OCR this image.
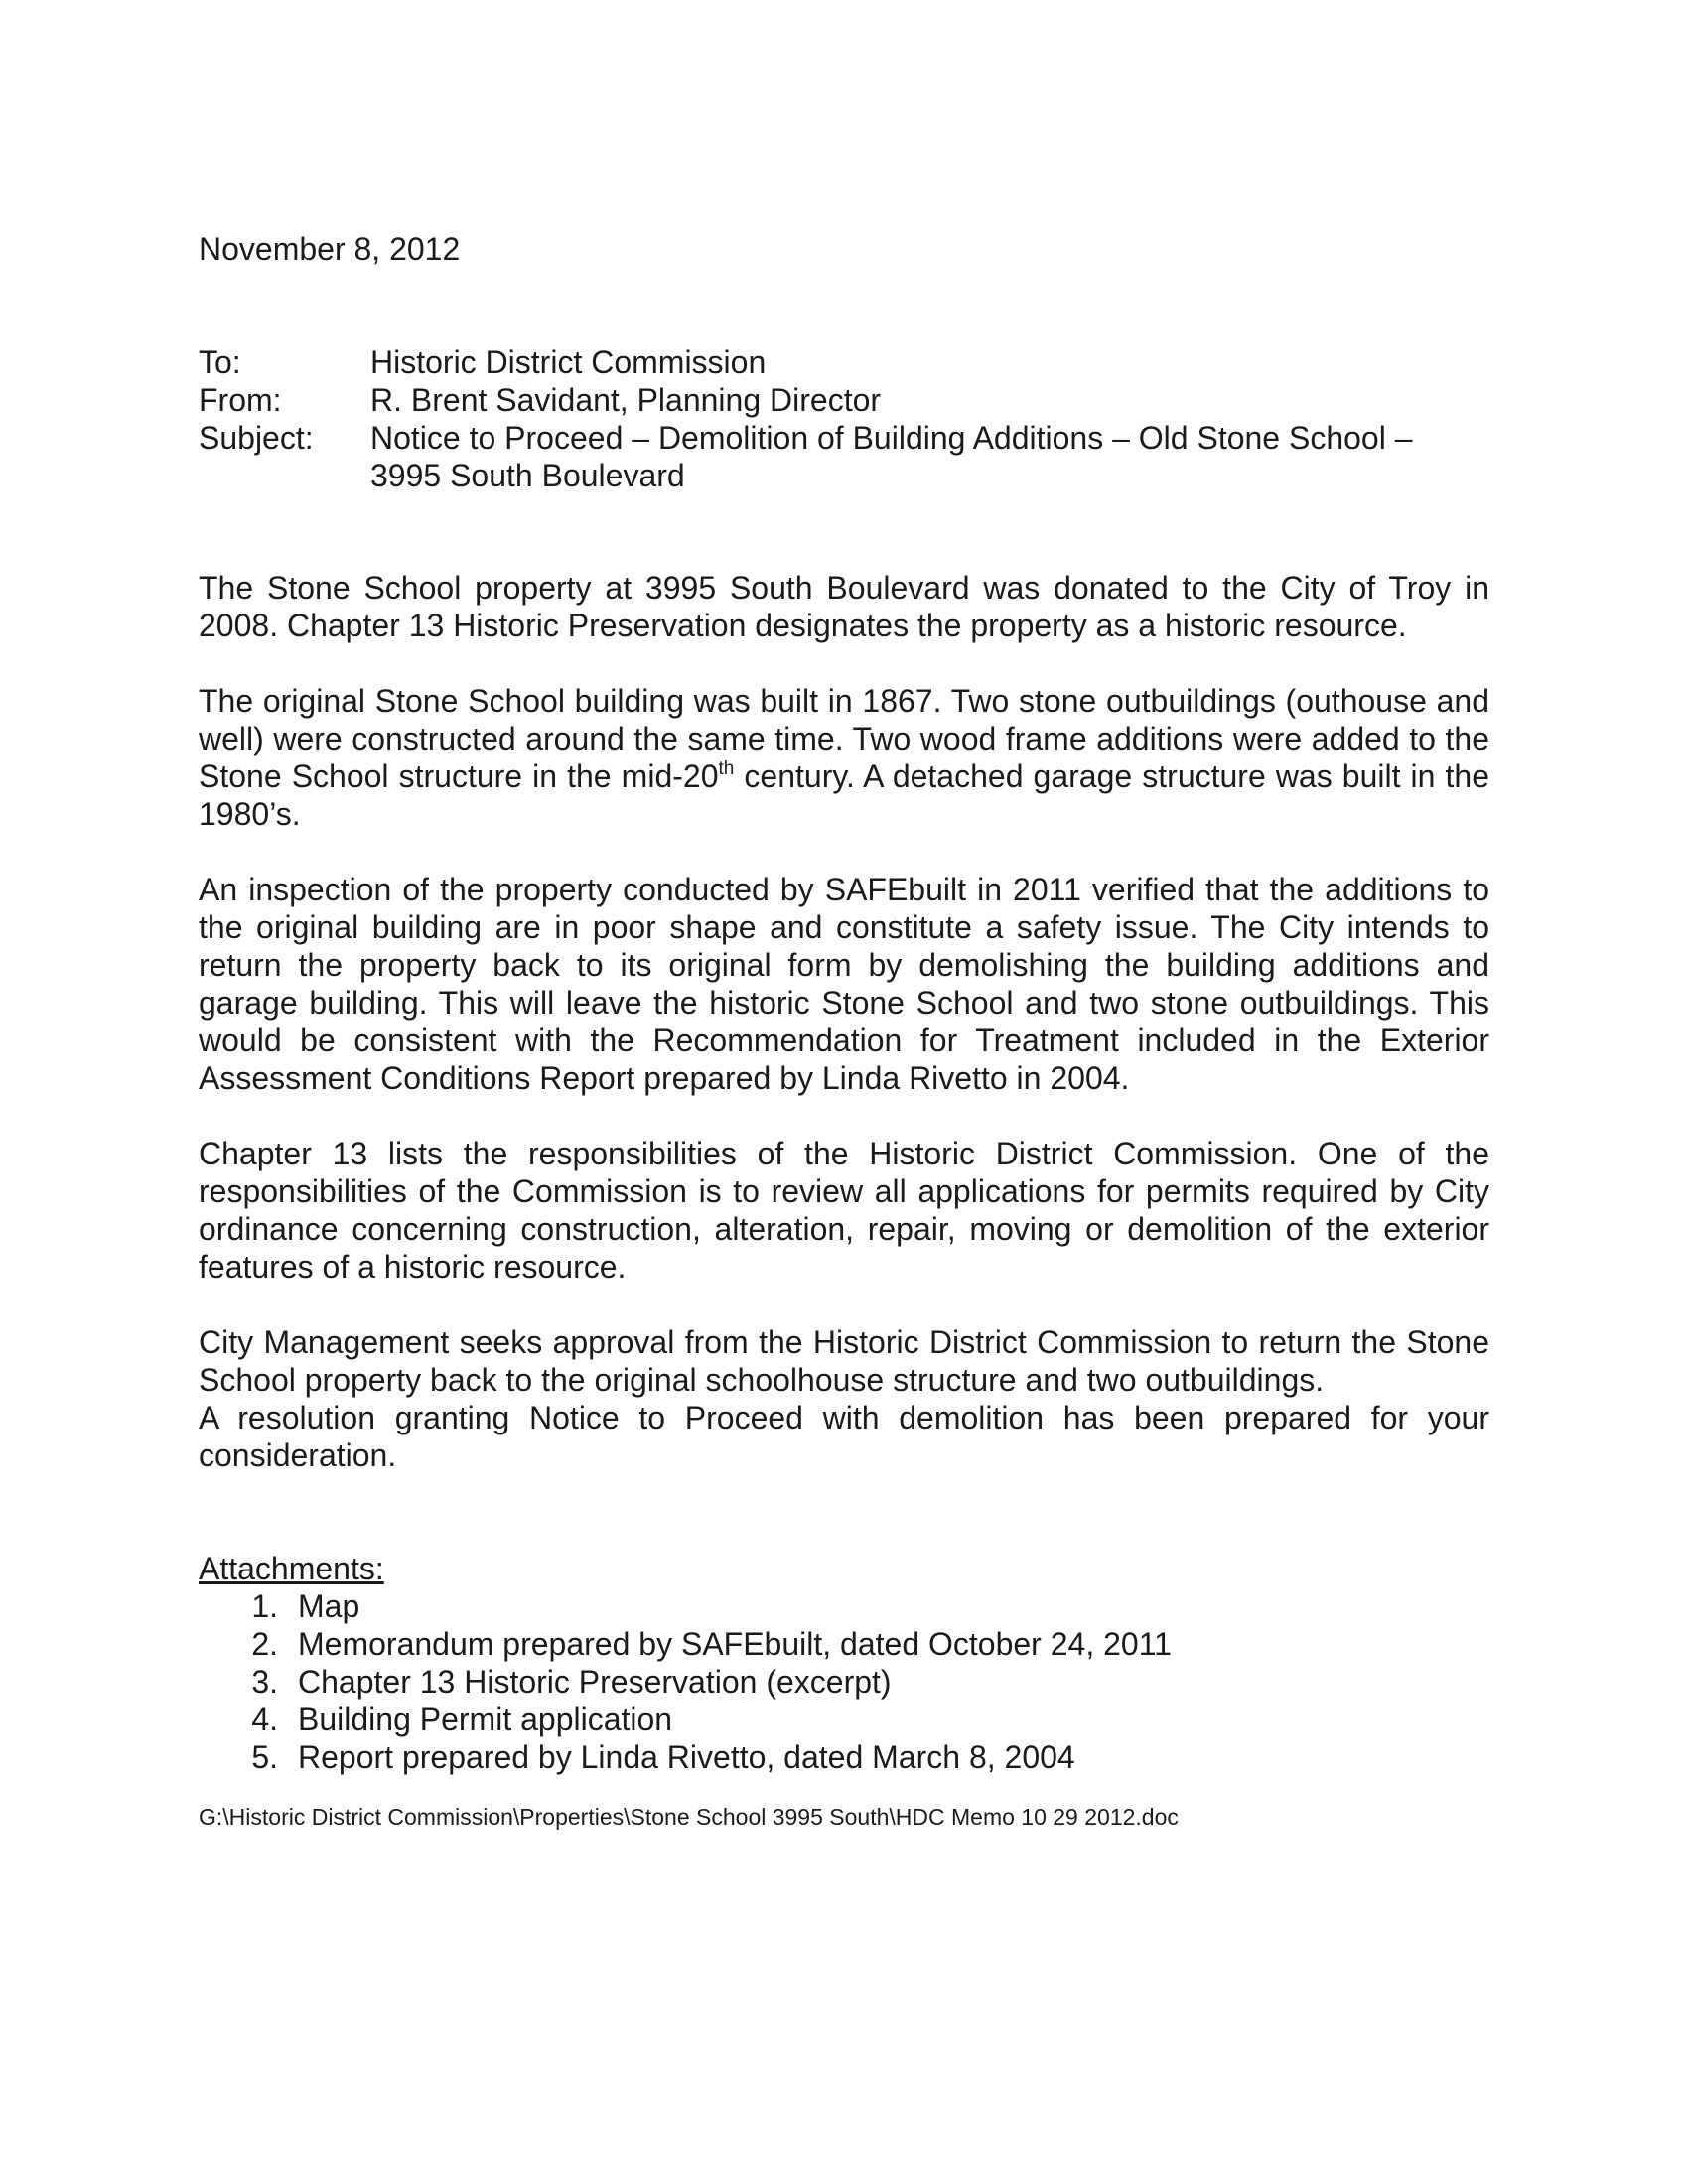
November 8, 2012
To:	Historic District Commission
From:	R. Brent Savidant, Planning Director
Subject:	Notice to Proceed – Demolition of Building Additions – Old Stone School – 3995 South Boulevard

The Stone School property at 3995 South Boulevard was donated to the City of Troy in 2008. Chapter 13 Historic Preservation designates the property as a historic resource.

The original Stone School building was built in 1867. Two stone outbuildings (outhouse and well) were constructed around the same time. Two wood frame additions were added to the Stone School structure in the mid-20th century. A detached garage structure was built in the 1980’s.

An inspection of the property conducted by SAFEbuilt in 2011 verified that the additions to the original building are in poor shape and constitute a safety issue. The City intends to return the property back to its original form by demolishing the building additions and garage building. This will leave the historic Stone School and two stone outbuildings. This would be consistent with the Recommendation for Treatment included in the Exterior Assessment Conditions Report prepared by Linda Rivetto in 2004.

Chapter 13 lists the responsibilities of the Historic District Commission. One of the responsibilities of the Commission is to review all applications for permits required by City ordinance concerning construction, alteration, repair, moving or demolition of the exterior features of a historic resource.

City Management seeks approval from the Historic District Commission to return the Stone School property back to the original schoolhouse structure and two outbuildings.
A resolution granting Notice to Proceed with demolition has been prepared for your consideration.

Attachments:
1. Map
2. Memorandum prepared by SAFEbuilt, dated October 24, 2011
3. Chapter 13 Historic Preservation (excerpt)
4. Building Permit application
5. Report prepared by Linda Rivetto, dated March 8, 2004
G:\Historic District Commission\Properties\Stone School 3995 South\HDC Memo 10 29 2012.doc
